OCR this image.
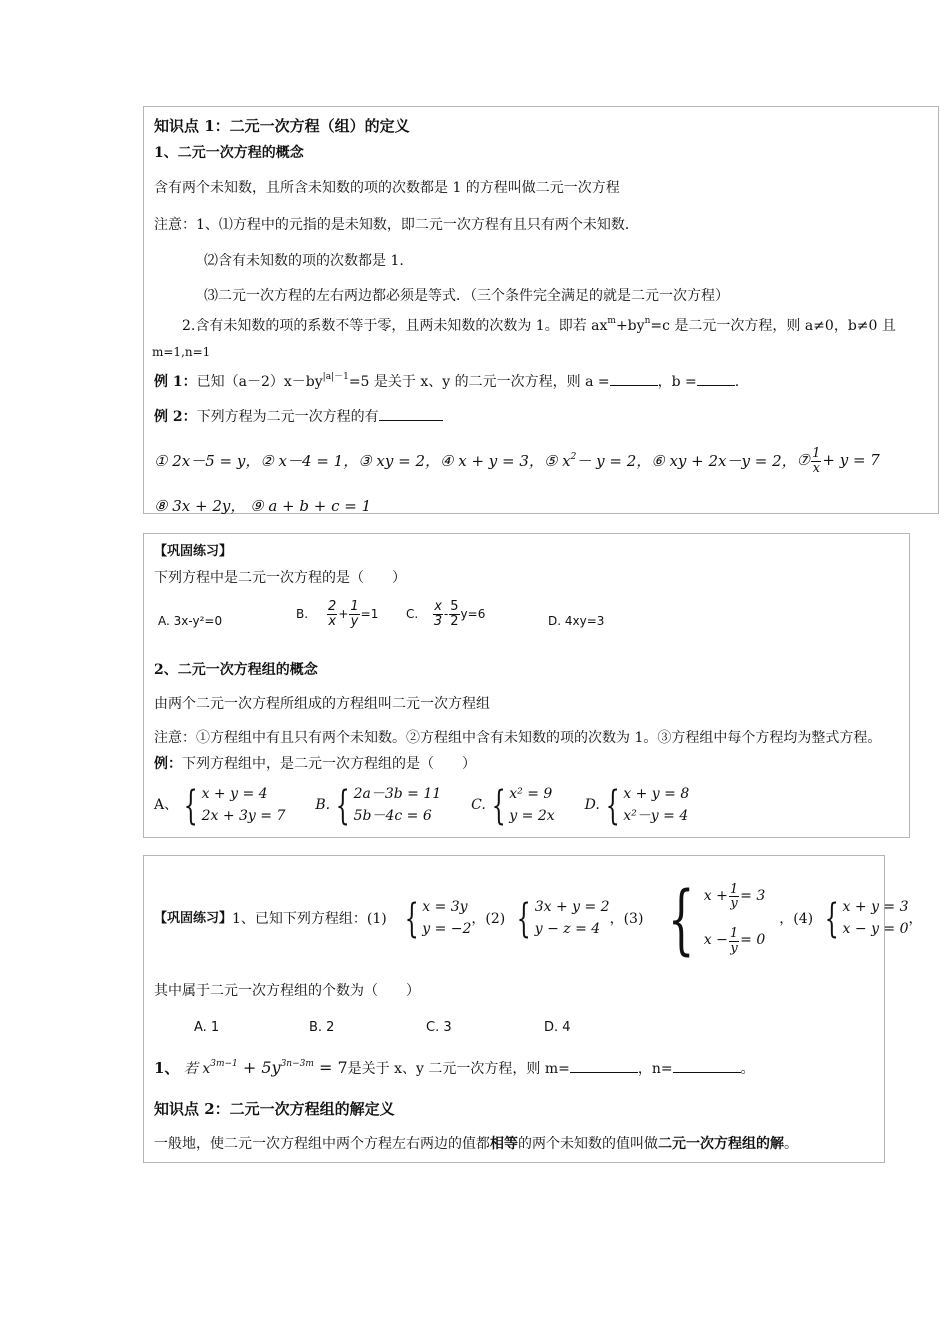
知识点 1：二元一次方程（组）的定义
1、二元一次方程的概念
含有两个未知数，且所含未知数的项的次数都是 1 的方程叫做二元一次方程
注意：1、⑴方程中的元指的是未知数，即二元一次方程有且只有两个未知数．
⑵含有未知数的项的次数都是 1.
⑶二元一次方程的左右两边都必须是等式．（三个条件完全满足的就是二元一次方程）
2.含有未知数的项的系数不等于零，且两未知数的次数为 1。即若 $ax^m+by^n=c$ 是二元一次方程，则 a≠0，b≠0 且
m=1,n=1
例 1：已知$(a-2)x-by^{|a|-1}=5$ 是关于 x、y 的二元一次方程，则 a =	，b =	.
例 2：下列方程为二元一次方程的有
① 2x－5 = y， ② x－4 = 1， ③ xy = 2， ④ x + y = 3， ⑤ $x^2- y = 2$， ⑥ xy + 2x－y = 2， ⑦ $\frac{1}{x} + y = 7$
⑧ 3x + 2y， ⑨ a + b + c = 1
【巩固练习】
下列方程中是二元一次方程的是（　　）
A. 3x-y²=0
B. $\frac{2}{x} + \frac{1}{y} =1$ C. $\frac{x}{3} - \frac{5}{2} y=6$
D. 4xy=3
2、二元一次方程组的概念
由两个二元一次方程所组成的方程组叫二元一次方程组
注意：①方程组中有且只有两个未知数。②方程组中含有未知数的项的次数为 1。③方程组中每个方程均为整式方程。
例：下列方程组中，是二元一次方程组的是（　　）
A、 { x + y = 4
2x + 3y = 7
B. { 2a－3b = 11
5b－4c = 6
C. { x² = 9
y = 2x
D. { x + y = 8
x²－y = 4
【巩固练习】 1、已知下列方程组：(1) { x = 3y
y = −2
，(2) { 3x + y = 2
y − z = 4
，(3) { $x + \frac{1}{y} = 3$
$x - \frac{1}{y} = 0$
，(4) { x + y = 3
x − y = 0
，
其中属于二元一次方程组的个数为（　　）
A. 1	B. 2	C. 3	D. 4
1、 若 $x^{3m-1} + 5y^{3n-3m} = 7$是关于 x、y 二元一次方程，则 m=	，n=	。
知识点 2：二元一次方程组的解定义
一般地，使二元一次方程组中两个方程左右两边的值都相等的两个未知数的值叫做二元一次方程组的解。
